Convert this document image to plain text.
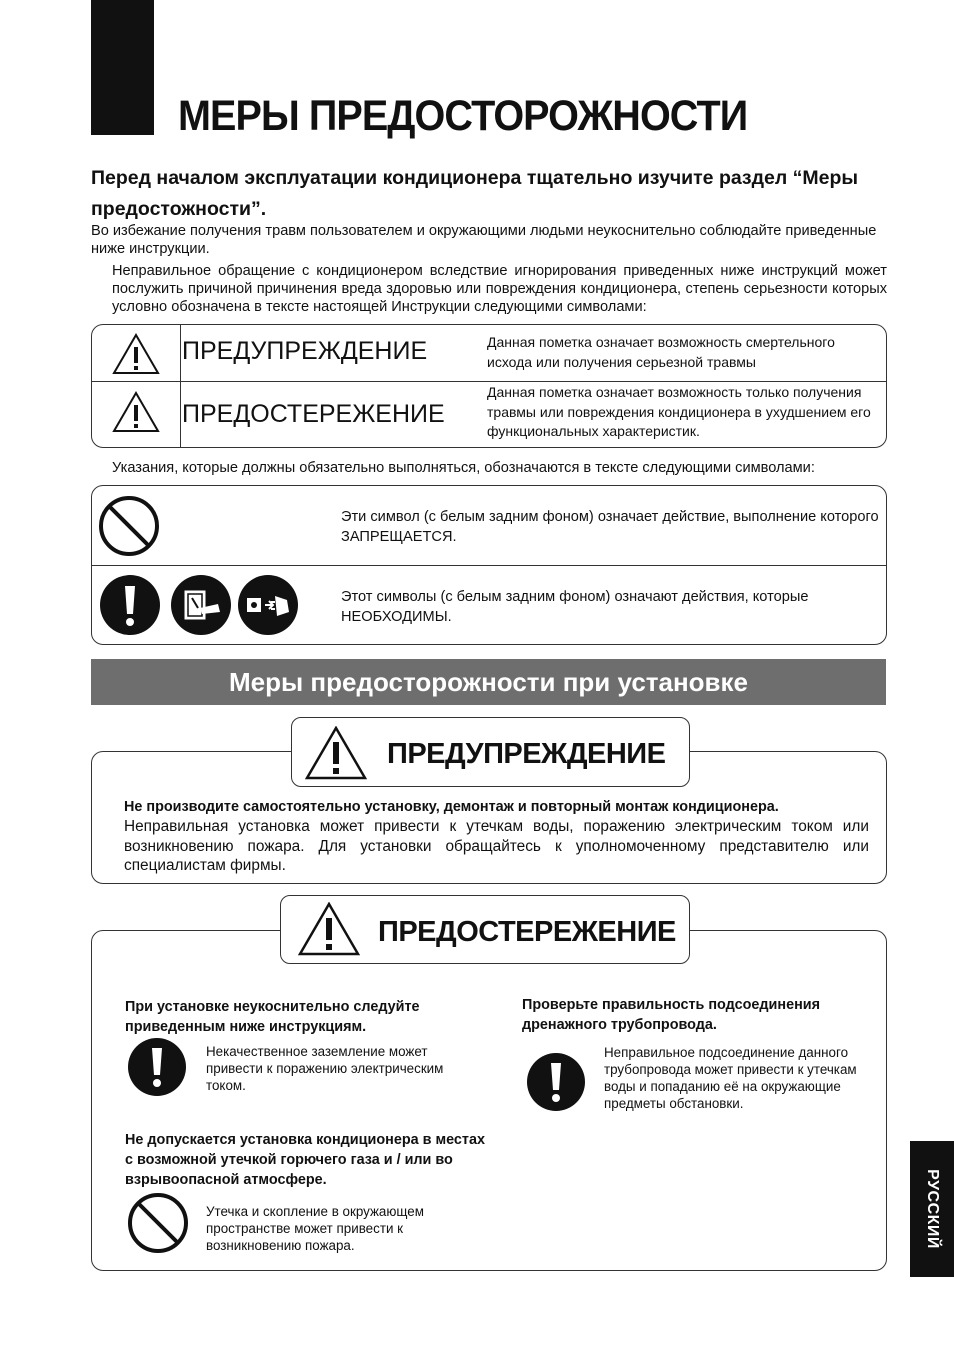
МЕРЫ ПРЕДОСТОРОЖНОСТИ
Перед началом эксплуатации кондиционера тщательно изучите раздел “Меры предостожности”.
Во избежание получения травм пользователем и окружающими людьми неукоснительно соблюдайте приведенные ниже инструкции.
Неправильное обращение с кондиционером вследствие игнорирования приведенных ниже инструкций может послужить причиной причинения вреда здоровью или повреждения кондиционера, степень серьезности которых условно обозначена в тексте настоящей Инструкции следующими символами:
ПРЕДУПРЕЖДЕНИЕ	Данная пометка означает возможность смертельного исхода или получения серьезной травмы
ПРЕДОСТЕРЕЖЕНИЕ
Данная пометка означает возможность только получения травмы или повреждения кондиционера в ухудшением его функциональных характеристик.
Указания, которые должны обязательно выполняться, обозначаются в тексте следующими символами:
Эти символ (с белым задним фоном) означает действие, выполнение которого ЗАПРЕЩАЕТСЯ.
Этот символы (с белым задним фоном) означают действия, которые НЕОБХОДИМЫ.
Меры предосторожности при установке
ПРЕДУПРЕЖДЕНИЕ
Не производите самостоятельно установку, демонтаж и повторный монтаж кондиционера.
Неправильная установка может привести к утечкам воды, поражению электрическим током или возникновению пожара. Для установки обращайтесь к уполномоченному представителю или специалистам фирмы.
ПРЕДОСТЕРЕЖЕНИЕ
При установке неукоснительно следуйте приведенным ниже инструкциям.
Некачественное заземление может привести к поражению электрическим током.
Не допускается установка кондиционера в местах с возможной утечкой горючего газа и / или во взрывоопасной атмосфере.
Утечка и скопление в окружающем пространстве может привести к возникновению пожара.
Проверьте правильность подсоединения дренажного трубопровода.
Неправильное подсоединение данного трубопровода может привести к утечкам воды и попаданию её на окружающие предметы обстановки.
РУССКИЙ
